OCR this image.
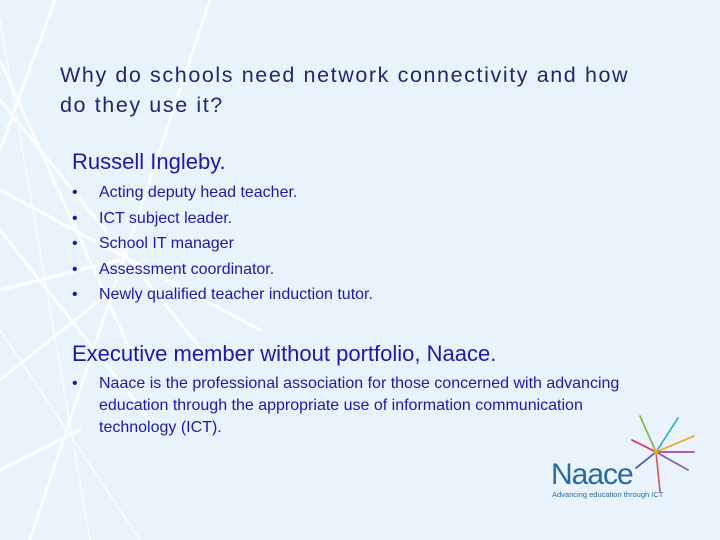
Why do schools need network connectivity and how do they use it?
Russell Ingleby.
• Acting deputy head teacher.
• ICT subject leader.
• School IT manager
• Assessment coordinator.
• Newly qualified teacher induction tutor.
Executive member without portfolio, Naace.
• Naace is the professional association for those concerned with advancing education through the appropriate use of information communication technology (ICT).
Naace
Advancing education through ICT
